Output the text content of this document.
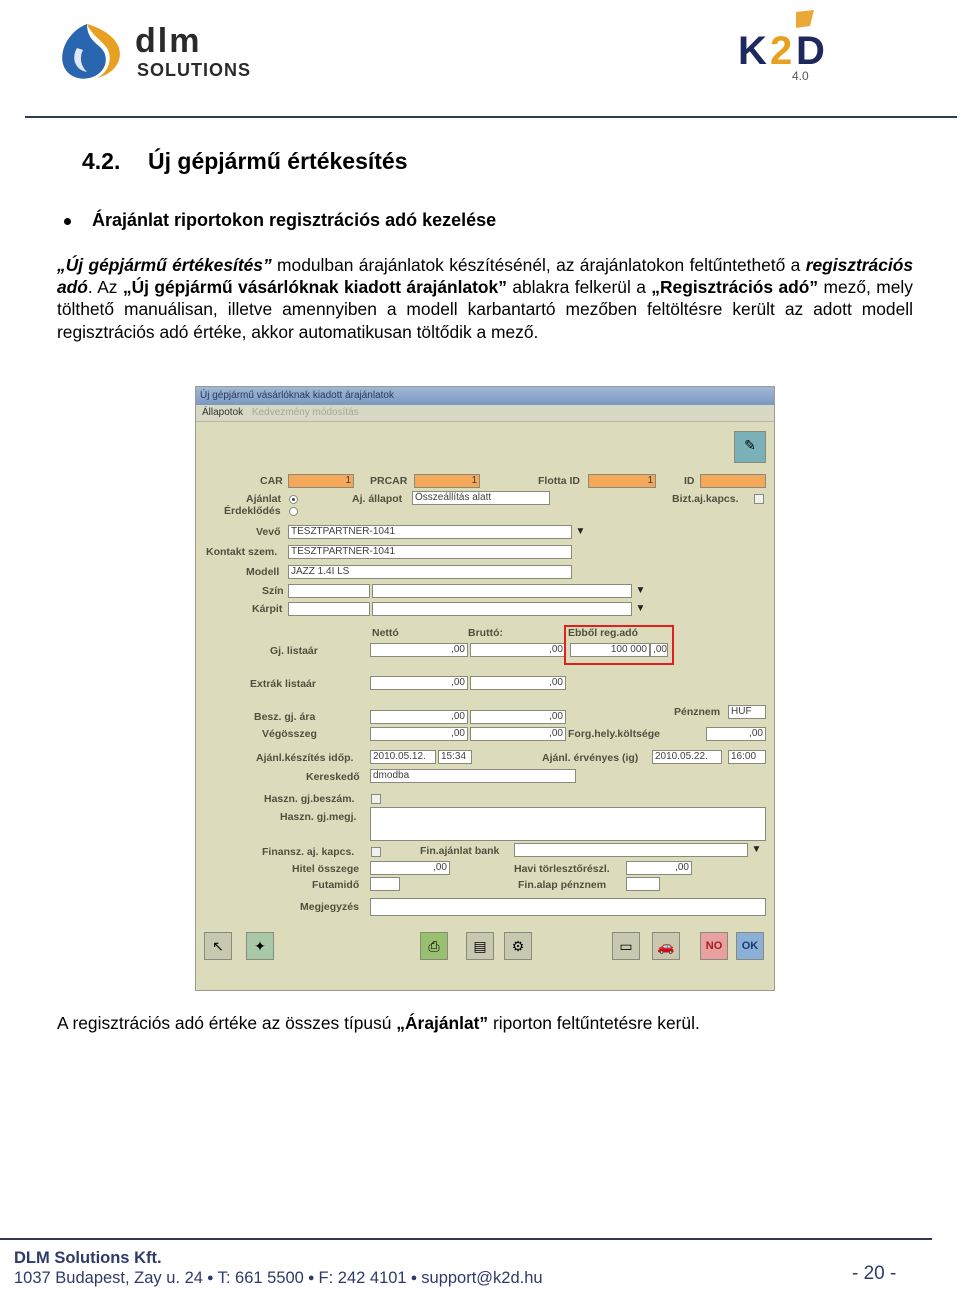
dlm
SOLUTIONS	K 2 D
4.0
4.2. Új gépjármű értékesítés
Árajánlat riportokon regisztrációs adó kezelése
„Új gépjármű értékesítés” modulban árajánlatok készítésénél, az árajánlatokon feltűntethető a regisztrációs adó. Az „Új gépjármű vásárlóknak kiadott árajánlatok” ablakra felkerül a „Regisztrációs adó” mező, mely tölthető manuálisan, illetve amennyiben a modell karbantartó mezőben feltöltésre került az adott modell regisztrációs adó értéke, akkor automatikusan töltődik a mező.
Új gépjármű vásárlóknak kiadott árajánlatok
Állapotok Kedvezmény módosítás
✎
CAR	1 PRCAR	1	Flotta ID	1	ID
Ajánlat
Érdeklődés
Aj. állapot	Összeállítás alatt	Bizt.aj.kapcs.
Vevő	TESZTPARTNER-1041	▼
Kontakt szem.	TESZTPARTNER-1041
Modell	JAZZ 1.4I LS
Szín	▼
Kárpit	▼
Nettó	Bruttó:	Ebből reg.adó
Gj. listaár	,00	,00	100 000 ,00
Extrák listaár	,00	,00
Besz. gj. ára	,00	,00	Pénznem	HUF
Végösszeg	,00	,00 Forg.hely.költsége	,00
Ajánl.készítés időp.	2010.05.12.	15:34	Ajánl. érvényes (ig)	2010.05.22.	16:00
Kereskedő	dmodba
Haszn. gj.beszám.
Haszn. gj.megj.
Finansz. aj. kapcs.	Fin.ajánlat bank	▼
Hitel összege	,00	Havi törlesztőrészl.	,00
Futamidő	Fin.alap pénznem
Megjegyzés
↖	✦	⎙	▤	⚙	▭	🚗	NO	OK
A regisztrációs adó értéke az összes típusú „Árajánlat” riporton feltűntetésre kerül.
DLM Solutions Kft.
1037 Budapest, Zay u. 24 ● T: 661 5500 ● F: 242 4101 ● support@k2d.hu	- 20 -
